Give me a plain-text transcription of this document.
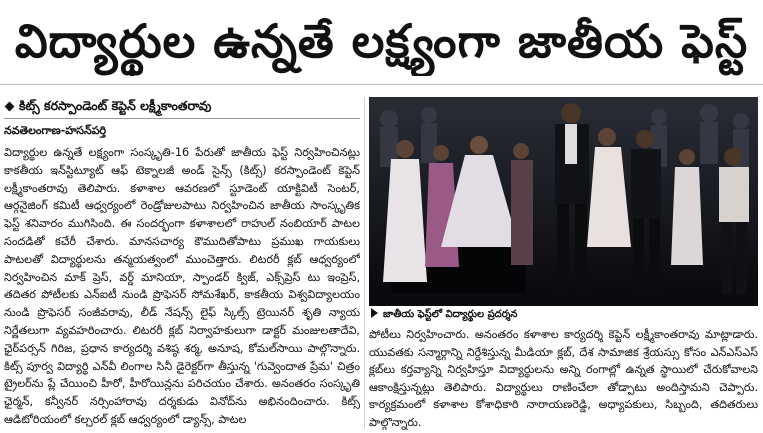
విద్యార్థుల ఉన్నతే లక్ష్యంగా జాతీయ ఫెస్ట్
కిట్స్ కరస్పాండెంట్ కెప్టెన్ లక్ష్మీకాంతరావు
నవతెలంగాణ-హసన్‌పర్తి

విద్యార్థుల ఉన్నతే లక్ష్యంగా సంస్కృతి-16 పేరుతో జాతీయ ఫెస్ట్ నిర్వహించినట్లు కాకతీయ ఇన్‌స్టిట్యూట్ ఆఫ్ టెక్నాలజీ అండ్ సైన్స్ (కిట్స్) కరస్పాండెంట్ కెప్టెన్ లక్ష్మీకాంతరావు తెలిపారు. కళాశాల ఆవరణలో స్టూడెంట్ యాక్టివిటీ సెంటర్, ఆర్గనైజింగ్ కమిటీ ఆధ్వర్యంలో రెండ్రోజులపాటు నిర్వహించిన జాతీయ సాంస్కృతిక ఫెస్ట్ శనివారం ముగిసింది. ఈ సందర్భంగా కళాశాలలో రాహుల్ నంబియార్ పాటల సందడితో కచేరీ చేశారు. మానసచార్య కౌముదితోపాటు ప్రముఖ గాయకులు పాటలతో విద్యార్థులను తన్మయత్వంలో ముంచెత్తారు. లిటరరీ క్లబ్ ఆధ్వర్యంలో నిర్వహించిన మాక్ ప్రెస్, వర్డ్ మానియా, స్పాండర్ క్విజ్, ఎక్స్‌ప్రెస్ టు ఇంప్రెస్, తదితర పోటీలకు ఎన్ఐటీ నుండి ప్రొఫెసర్ సోమశేఖర్, కాకతీయ విశ్వవిద్యాలయం నుండి ప్రొఫెసర్ సంజీవరావు, లీడ్ నేషన్స్ లైఫ్ స్కిల్స్ ట్రెయినర్ శృతి న్యాయ నిర్ణేతలుగా వ్యవహరించారు. లిటరరీ క్లబ్ నిర్వాహకులుగా డాక్టర్ మంజులతాదేవి, ఛైర్‌పర్సన్ గిరిజ, ప్రధాన కార్యదర్శి వశిష్ఠ శర్మ, అనూష, కోమల్‌సాయి పాల్గొన్నారు. కిట్స్ పూర్వ విద్యార్థి ఎన్‌వీ లింగాల సినీ డైరెక్టర్‌గా తీస్తున్న 'గువ్వెందాత ప్రేమ' చిత్రం ట్రైలర్‌ను ప్లే చేయించి హీరో, హీరోయిన్లను పరిచయం చేశారు. అనంతరం సంస్కృతి ఛైర్మన్, కన్వీనర్ నర్సింహారావు దర్శకుడు వినోద్‌ను అభినందించారు. కిట్స్ ఆడిటోరియంలో కల్చరల్ క్లబ్ ఆధ్వర్యంలో డ్యాన్స్, పాటల

జాతీయ ఫెస్ట్‌లో విద్యార్థుల ప్రదర్శన

పోటీలు నిర్వహించారు. అనంతరం కళాశాల కార్యదర్శి కెప్టెన్ లక్ష్మీకాంతరావు మాట్లాడారు. యువతకు సన్మార్గాన్ని నిర్దేశిస్తున్న మీడియా క్లబ్, దేశ సామాజిక శ్రేయస్సు కోసం ఎన్ఎస్ఎస్ క్లబ్‌లు కర్తవ్యాన్ని నిర్వహిస్తూ విద్యార్థులను అన్ని రంగాల్లో ఉన్నత స్థాయిలో చేరుకోవాలని ఆకాంక్షిస్తున్నట్లు తెలిపారు. విద్యార్థులు రాణించేలా తోడ్పాటు అందిస్తామని చెప్పారు. కార్యక్రమంలో కళాశాల కోశాధికారి నారాయణరెడ్డి, అధ్యాపకులు, సిబ్బంది, తదితరులు పాల్గొన్నారు.
